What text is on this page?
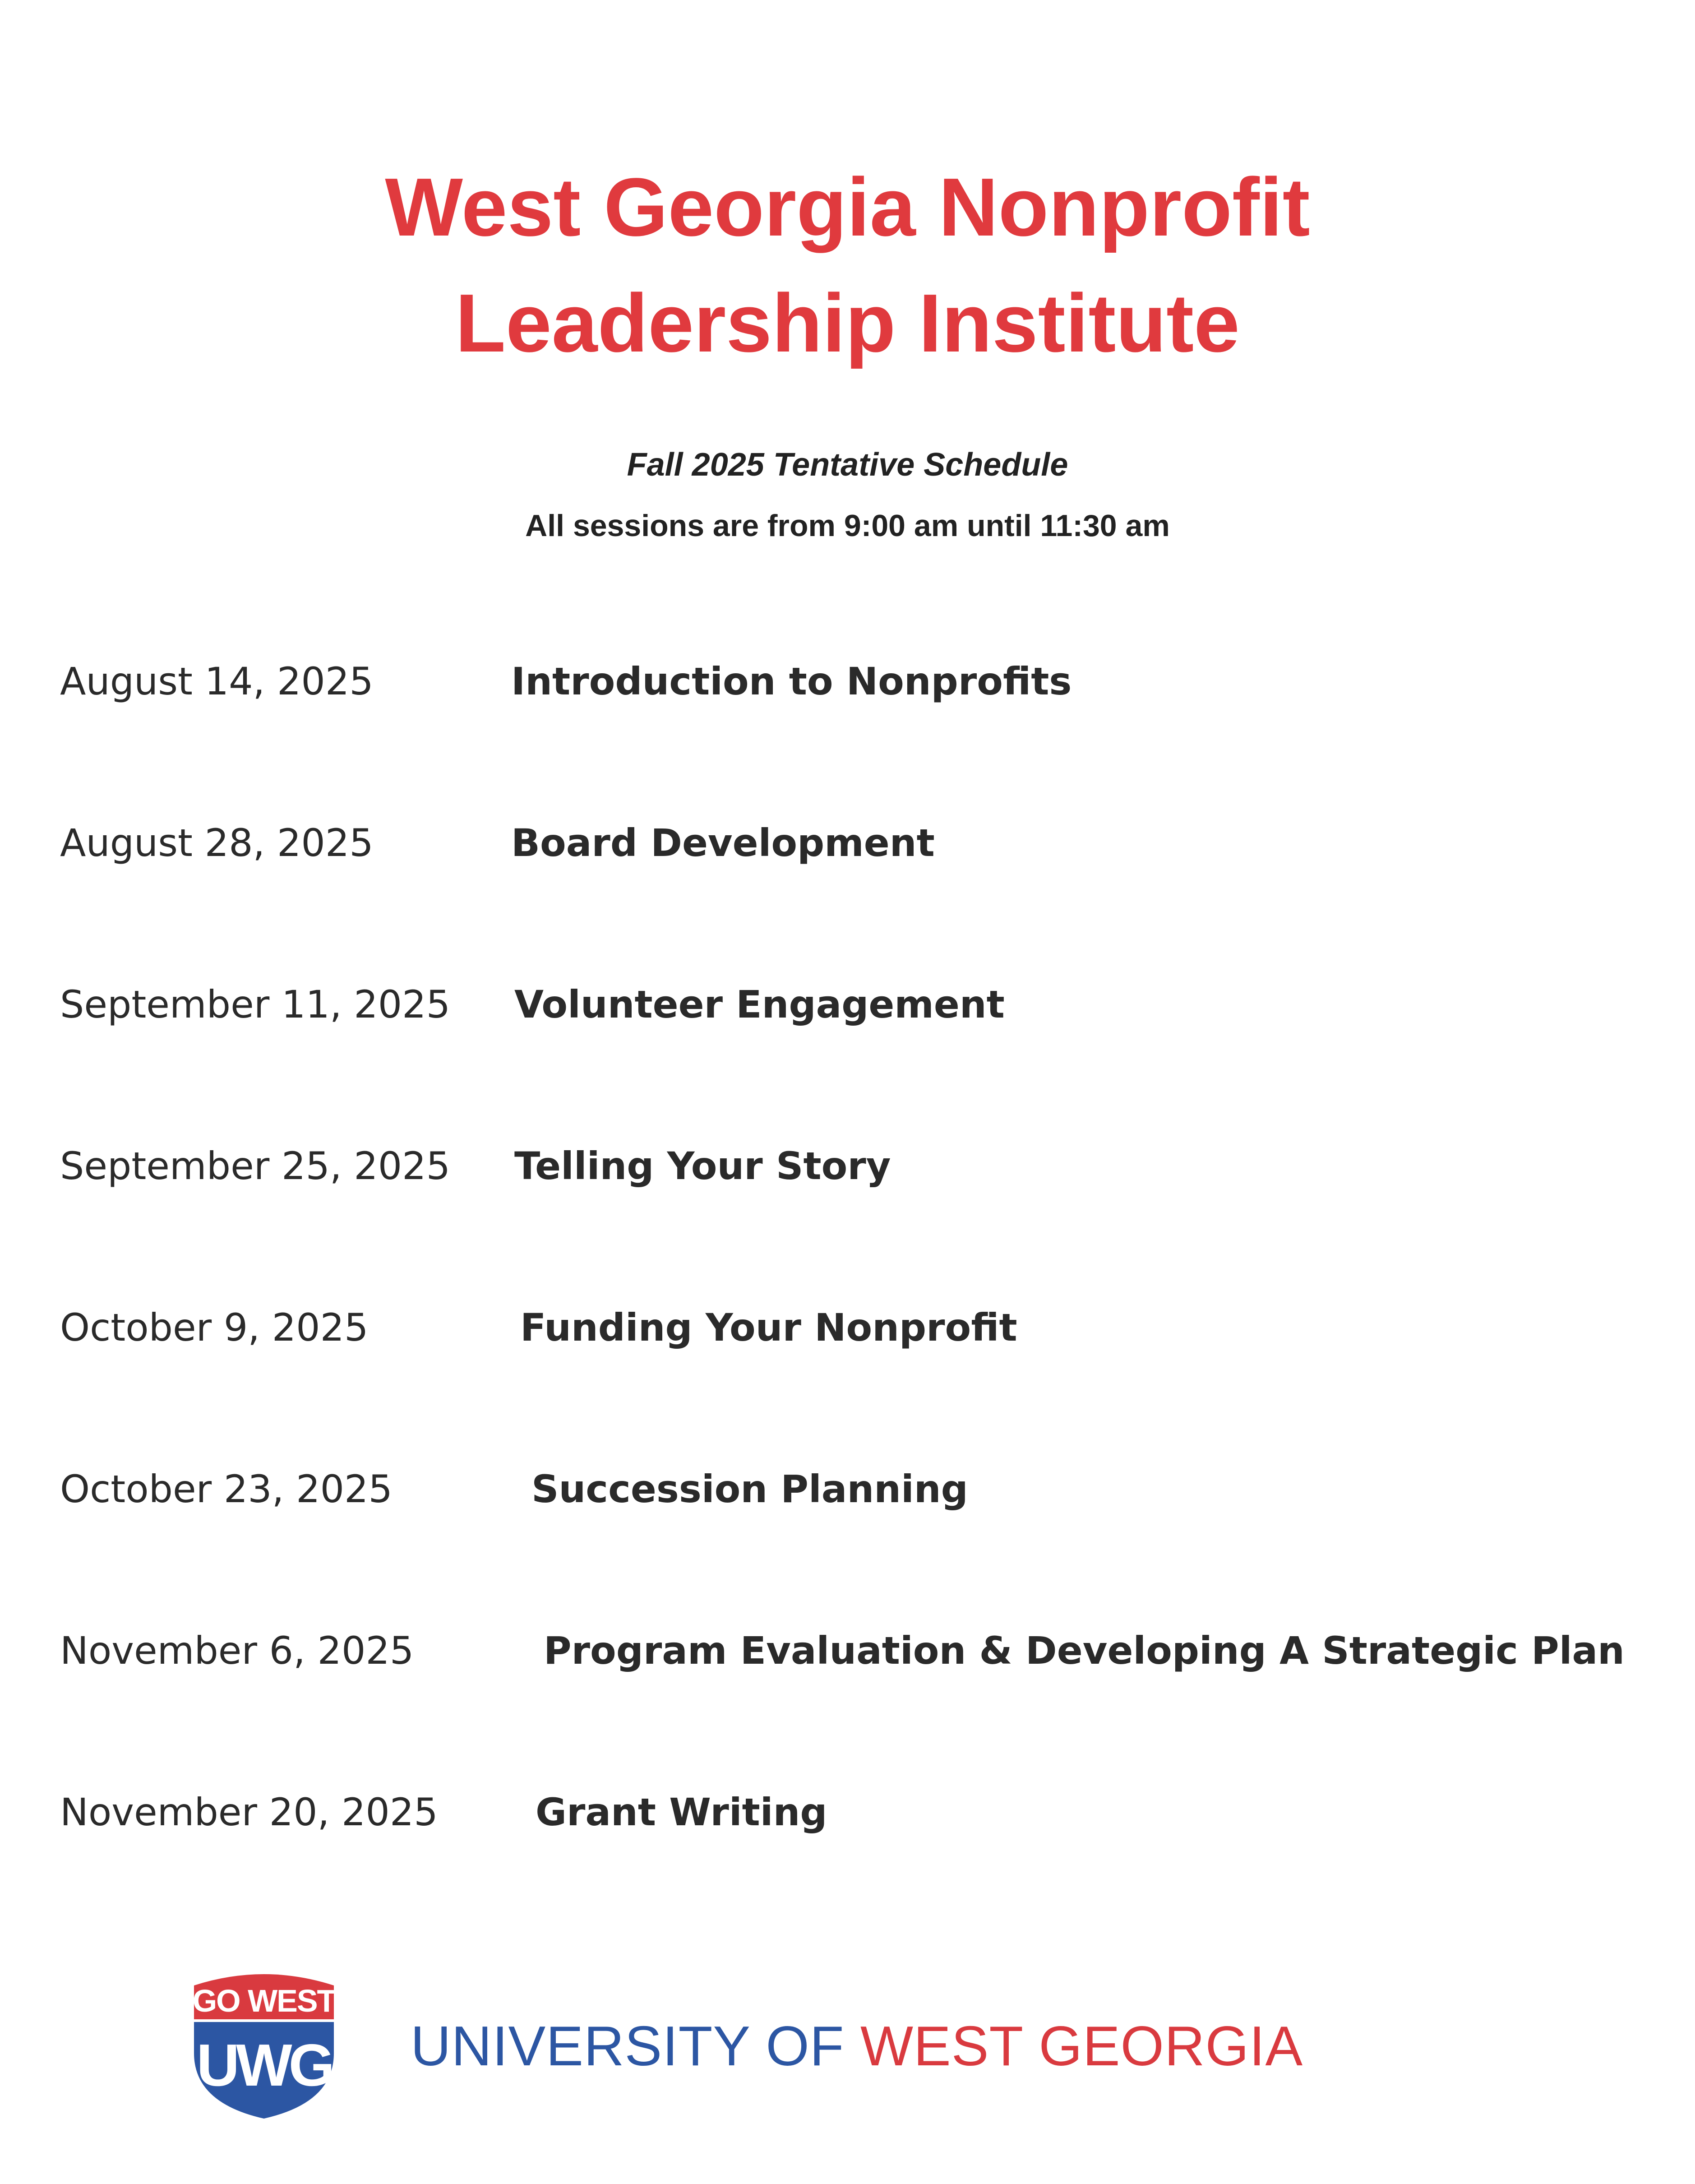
West Georgia Nonprofit
Leadership Institute
Fall 2025 Tentative Schedule
All sessions are from 9:00 am until 11:30 am
August 14, 2025	Introduction to Nonprofits
August 28, 2025	Board Development
September 11, 2025 Volunteer Engagement
September 25, 2025 Telling Your Story
October 9, 2025	Funding Your Nonprofit
October 23, 2025	Succession Planning
November 6, 2025	Program Evaluation & Developing A Strategic Plan
November 20, 2025	Grant Writing
GO WEST
UWG UNIVERSITY OF WEST GEORGIA
